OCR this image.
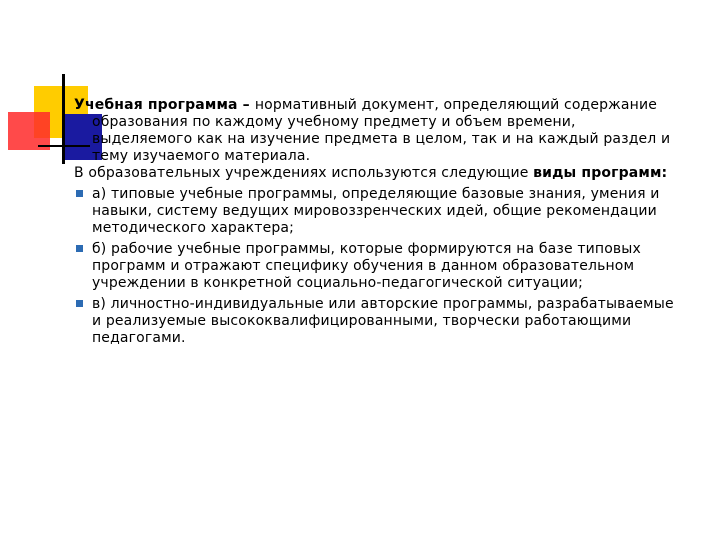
Учебная программа – нормативный документ, определяющий содержание образования по каждому учебному предмету и объем времени, выделяемого как на изучение предмета в целом, так и на каждый раздел и тему изучаемого материала.

В образовательных учреждениях используются следующие виды программ:

а) типовые учебные программы, определяющие базовые знания, умения и навыки, систему ведущих мировоззренческих идей, общие рекомендации методического характера;
б) рабочие учебные программы, которые формируются на базе типовых программ и отражают специфику обучения в данном образовательном учреждении в конкретной социально-педагогической ситуации;
в) личностно-индивидуальные или авторские программы, разрабатываемые и реализуемые высококвалифицированными, творчески работающими педагогами.
